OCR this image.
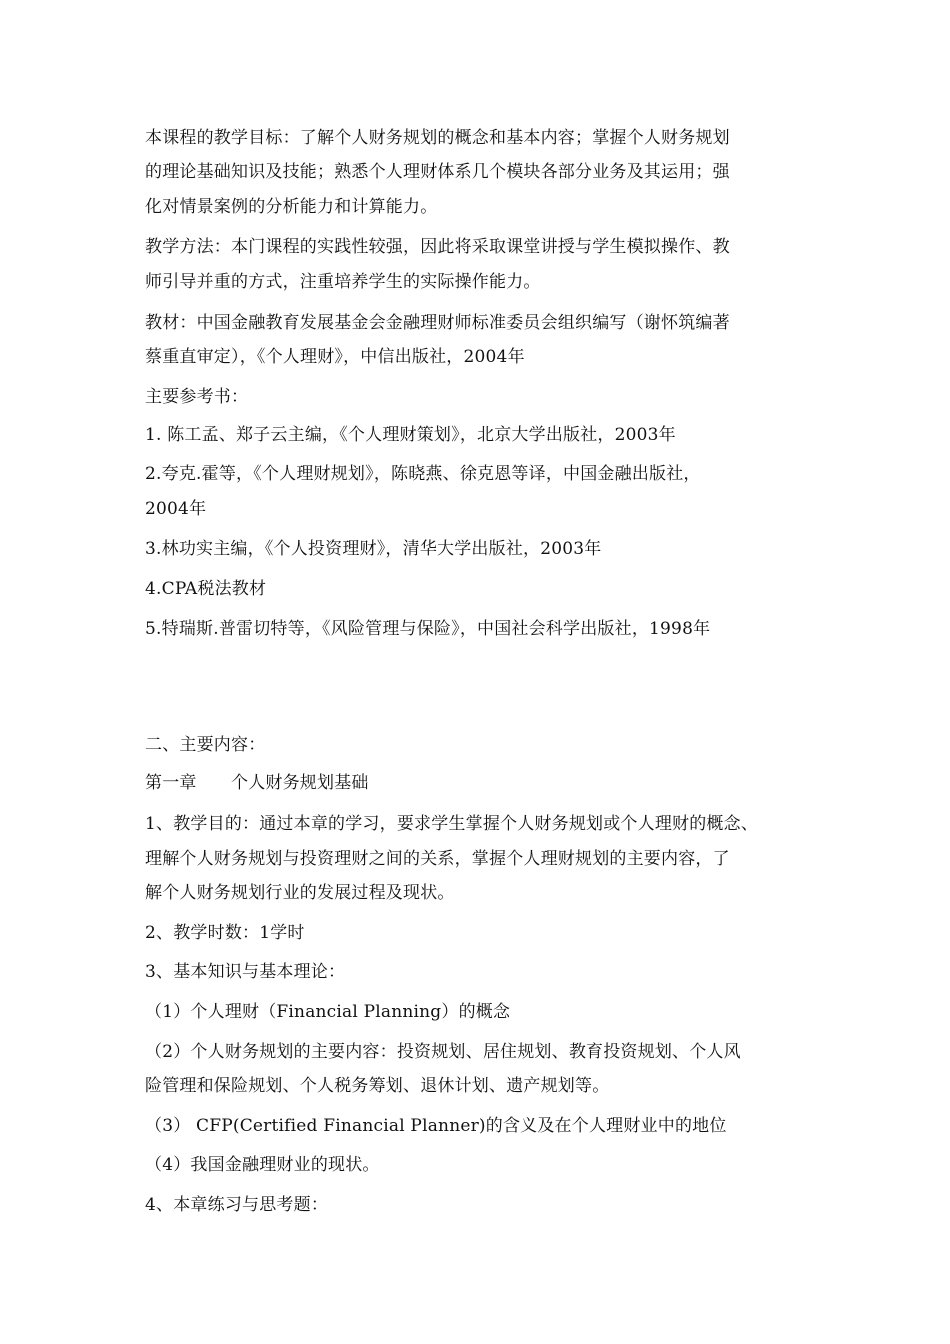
本课程的教学目标：了解个人财务规划的概念和基本内容；掌握个人财务规划
的理论基础知识及技能；熟悉个人理财体系几个模块各部分业务及其运用；强
化对情景案例的分析能力和计算能力。
教学方法：本门课程的实践性较强，因此将采取课堂讲授与学生模拟操作、教
师引导并重的方式，注重培养学生的实际操作能力。
教材：中国金融教育发展基金会金融理财师标准委员会组织编写（谢怀筑编著
蔡重直审定），《个人理财》，中信出版社，2004年
主要参考书：
1. 陈工孟、郑子云主编，《个人理财策划》，北京大学出版社，2003年
2.夸克.霍等，《个人理财规划》，陈晓燕、徐克恩等译，中国金融出版社，
2004年
3.林功实主编，《个人投资理财》，清华大学出版社，2003年
4.CPA税法教材
5.特瑞斯.普雷切特等，《风险管理与保险》，中国社会科学出版社，1998年
二、主要内容：
第一章　　个人财务规划基础
1、教学目的：通过本章的学习，要求学生掌握个人财务规划或个人理财的概念、
理解个人财务规划与投资理财之间的关系，掌握个人理财规划的主要内容，了
解个人财务规划行业的发展过程及现状。
2、教学时数：1学时
3、基本知识与基本理论：
（1）个人理财（Financial Planning）的概念
（2）个人财务规划的主要内容：投资规划、居住规划、教育投资规划、个人风
险管理和保险规划、个人税务筹划、退休计划、遗产规划等。
（3） CFP(Certified Financial Planner)的含义及在个人理财业中的地位
（4）我国金融理财业的现状。
4、本章练习与思考题：
